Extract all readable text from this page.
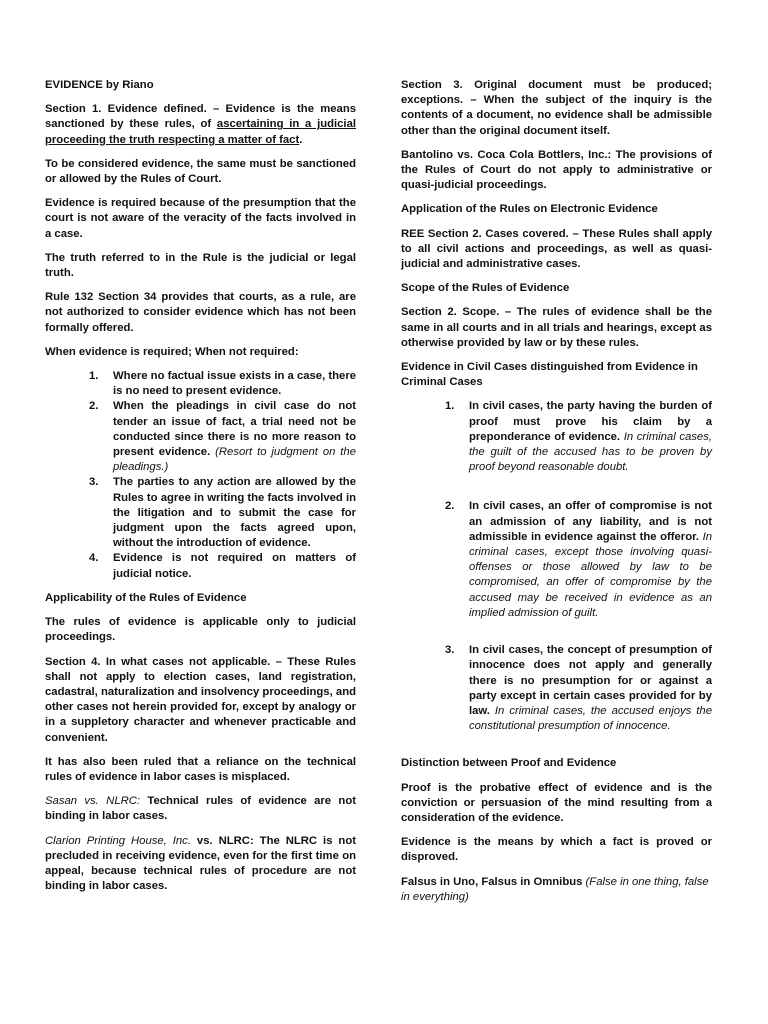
EVIDENCE by Riano

Section 1. Evidence defined. – Evidence is the means sanctioned by these rules, of ascertaining in a judicial proceeding the truth respecting a matter of fact.

To be considered evidence, the same must be sanctioned or allowed by the Rules of Court.

Evidence is required because of the presumption that the court is not aware of the veracity of the facts involved in a case.

The truth referred to in the Rule is the judicial or legal truth.

Rule 132 Section 34 provides that courts, as a rule, are not authorized to consider evidence which has not been formally offered.

When evidence is required; When not required:

1. Where no factual issue exists in a case, there is no need to present evidence.
2. When the pleadings in civil case do not tender an issue of fact, a trial need not be conducted since there is no more reason to present evidence. (Resort to judgment on the pleadings.)
3. The parties to any action are allowed by the Rules to agree in writing the facts involved in the litigation and to submit the case for judgment upon the facts agreed upon, without the introduction of evidence.
4. Evidence is not required on matters of judicial notice.

Applicability of the Rules of Evidence

The rules of evidence is applicable only to judicial proceedings.

Section 4. In what cases not applicable. – These Rules shall not apply to election cases, land registration, cadastral, naturalization and insolvency proceedings, and other cases not herein provided for, except by analogy or in a suppletory character and whenever practicable and convenient.

It has also been ruled that a reliance on the technical rules of evidence in labor cases is misplaced.

Sasan vs. NLRC: Technical rules of evidence are not binding in labor cases.

Clarion Printing House, Inc. vs. NLRC: The NLRC is not precluded in receiving evidence, even for the first time on appeal, because technical rules of procedure are not binding in labor cases.

Section 3. Original document must be produced; exceptions. – When the subject of the inquiry is the contents of a document, no evidence shall be admissible other than the original document itself.

Bantolino vs. Coca Cola Bottlers, Inc.: The provisions of the Rules of Court do not apply to administrative or quasi-judicial proceedings.

Application of the Rules on Electronic Evidence

REE Section 2. Cases covered. – These Rules shall apply to all civil actions and proceedings, as well as quasi-judicial and administrative cases.

Scope of the Rules of Evidence

Section 2. Scope. – The rules of evidence shall be the same in all courts and in all trials and hearings, except as otherwise provided by law or by these rules.

Evidence in Civil Cases distinguished from Evidence in Criminal Cases

1. In civil cases, the party having the burden of proof must prove his claim by a preponderance of evidence. In criminal cases, the guilt of the accused has to be proven by proof beyond reasonable doubt.
2. In civil cases, an offer of compromise is not an admission of any liability, and is not admissible in evidence against the offeror. In criminal cases, except those involving quasi-offenses or those allowed by law to be compromised, an offer of compromise by the accused may be received in evidence as an implied admission of guilt.
3. In civil cases, the concept of presumption of innocence does not apply and generally there is no presumption for or against a party except in certain cases provided for by law. In criminal cases, the accused enjoys the constitutional presumption of innocence.

Distinction between Proof and Evidence

Proof is the probative effect of evidence and is the conviction or persuasion of the mind resulting from a consideration of the evidence.

Evidence is the means by which a fact is proved or disproved.

Falsus in Uno, Falsus in Omnibus (False in one thing, false in everything)
